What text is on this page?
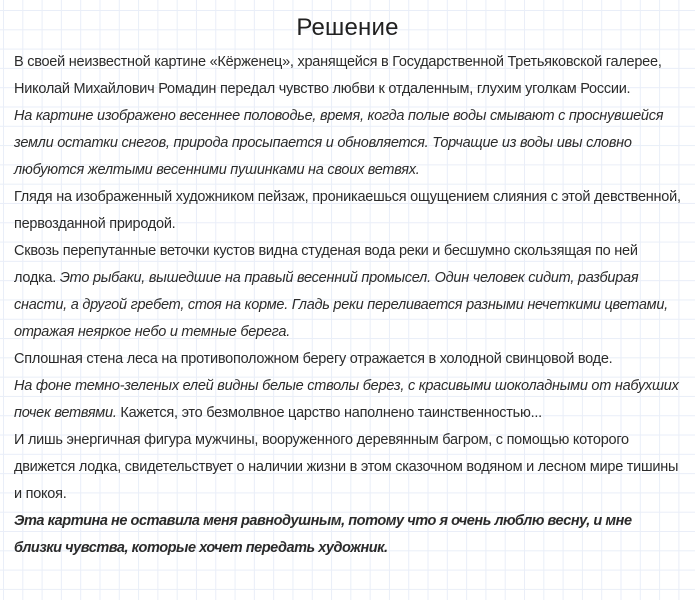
Решение

В своей неизвестной картине «Кёрженец», хранящейся в Государственной Третьяковской галерее, Николай Михайлович Ромадин передал чувство любви к отдаленным, глухим уголкам России.

На картине изображено весеннее половодье, время, когда полые воды смывают с проснувшейся земли остатки снегов, природа просыпается и обновляется. Торчащие из воды ивы словно любуются желтыми весенними пушинками на своих ветвях.

Глядя на изображенный художником пейзаж, проникаешься ощущением слияния с этой девственной, первозданной природой.

Сквозь перепутанные веточки кустов видна студеная вода реки и бесшумно скользящая по ней лодка. Это рыбаки, вышедшие на правый весенний промысел. Один человек сидит, разбирая снасти, а другой гребет, стоя на корме. Гладь реки переливается разными нечеткими цветами, отражая неяркое небо и темные берега.

Сплошная стена леса на противоположном берегу отражается в холодной свинцовой воде.

На фоне темно-зеленых елей видны белые стволы берез, с красивыми шоколадными от набухших почек ветвями. Кажется, это безмолвное царство наполнено таинственностью...

И лишь энергичная фигура мужчины, вооруженного деревянным багром, с помощью которого движется лодка, свидетельствует о наличии жизни в этом сказочном водяном и лесном мире тишины и покоя.

Эта картина не оставила меня равнодушным, потому что я очень люблю весну, и мне близки чувства, которые хочет передать художник.
